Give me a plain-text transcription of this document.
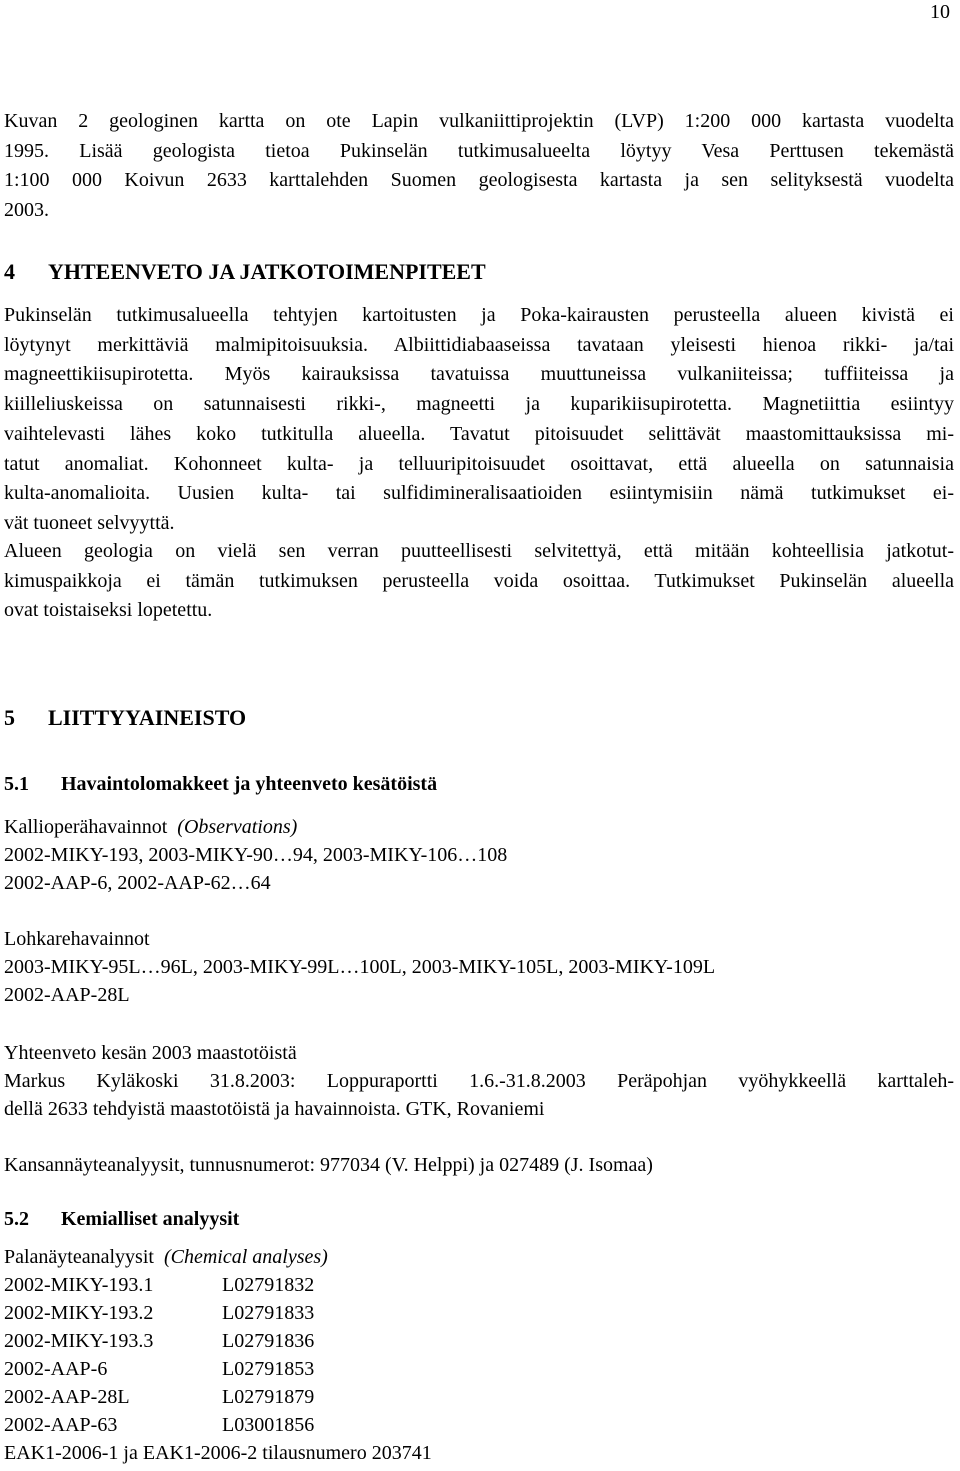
10

Kuvan 2 geologinen kartta on ote Lapin vulkaniittiprojektin (LVP) 1:200 000 kartasta vuodelta
1995. Lisää geologista tietoa Pukinselän tutkimusalueelta löytyy Vesa Perttusen tekemästä
1:100 000 Koivun 2633 karttalehden Suomen geologisesta kartasta ja sen selityksestä vuodelta
2003.

4 YHTEENVETO JA JATKOTOIMENPITEET

Pukinselän tutkimusalueella tehtyjen kartoitusten ja Poka-kairausten perusteella alueen kivistä ei
löytynyt merkittäviä malmipitoisuuksia. Albiittidiabaaseissa tavataan yleisesti hienoa rikki- ja/tai
magneettikiisupirotetta. Myös kairauksissa tavatuissa muuttuneissa vulkaniiteissa; tuffiiteissa ja
kiilleliuskeissa on satunnaisesti rikki-, magneetti ja kuparikiisupirotetta. Magnetiittia esiintyy
vaihtelevasti lähes koko tutkitulla alueella. Tavatut pitoisuudet selittävät maastomittauksissa mi-
tatut anomaliat. Kohonneet kulta- ja telluuripitoisuudet osoittavat, että alueella on satunnaisia
kulta-anomalioita. Uusien kulta- tai sulfidimineralisaatioiden esiintymisiin nämä tutkimukset ei-
vät tuoneet selvyyttä.

Alueen geologia on vielä sen verran puutteellisesti selvitettyä, että mitään kohteellisia jatkotut-
kimuspaikkoja ei tämän tutkimuksen perusteella voida osoittaa. Tutkimukset Pukinselän alueella
ovat toistaiseksi lopetettu.

5 LIITTYYAINEISTO
5.1 Havaintolomakkeet ja yhteenveto kesätöistä
Kallioperähavainnot (Observations)
2002-MIKY-193, 2003-MIKY-90…94, 2003-MIKY-106…108
2002-AAP-6, 2002-AAP-62…64
Lohkarehavainnot
2003-MIKY-95L…96L, 2003-MIKY-99L…100L, 2003-MIKY-105L, 2003-MIKY-109L
2002-AAP-28L
Yhteenveto kesän 2003 maastotöistä
Markus Kyläkoski 31.8.2003: Loppuraportti 1.6.-31.8.2003 Peräpohjan vyöhykkeellä karttaleh-
dellä 2633 tehdyistä maastotöistä ja havainnoista. GTK, Rovaniemi
Kansannäyteanalyysit, tunnusnumerot: 977034 (V. Helppi) ja 027489 (J. Isomaa)
5.2 Kemialliset analyysit
Palanäyteanalyysit (Chemical analyses)
2002-MIKY-193.1	L02791832
2002-MIKY-193.2	L02791833
2002-MIKY-193.3	L02791836
2002-AAP-6	L02791853
2002-AAP-28L	L02791879
2002-AAP-63	L03001856
EAK1-2006-1 ja EAK1-2006-2 tilausnumero 203741
